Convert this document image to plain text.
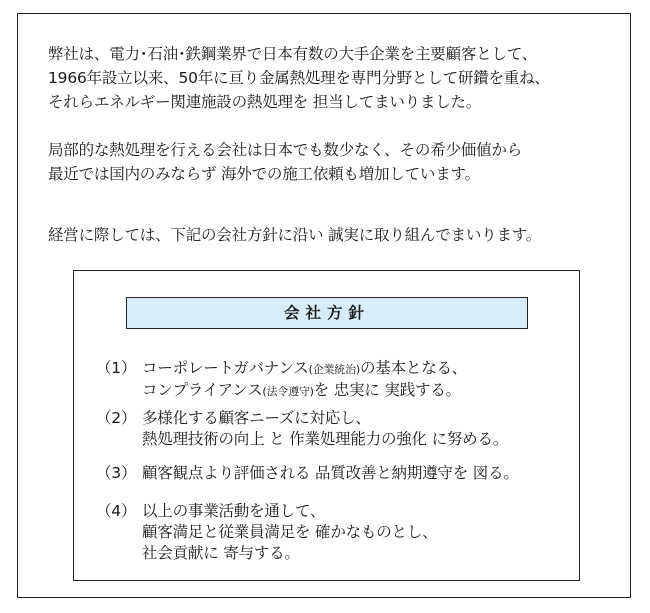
弊社は、電力･石油･鉄鋼業界で日本有数の大手企業を主要顧客として、
1966年設立以来、50年に亘り金属熱処理を専門分野として研鑽を重ね、
それらエネルギー関連施設の熱処理を 担当してまいりました。

局部的な熱処理を行える会社は日本でも数少なく、その希少価値から
最近では国内のみならず 海外での施工依頼も増加しています。

経営に際しては、下記の会社方針に沿い 誠実に取り組んでまいります。

会社方針
（1） コーポレートガバナンス(企業統治)の基本となる、
コンプライアンス(法令遵守)を 忠実に 実践する。
（2） 多様化する顧客ニーズに対応し、
熱処理技術の向上 と 作業処理能力の強化 に努める。
（3） 顧客観点より評価される 品質改善と納期遵守を 図る。
（4） 以上の事業活動を通して、
顧客満足と従業員満足を 確かなものとし、
社会貢献に 寄与する。
